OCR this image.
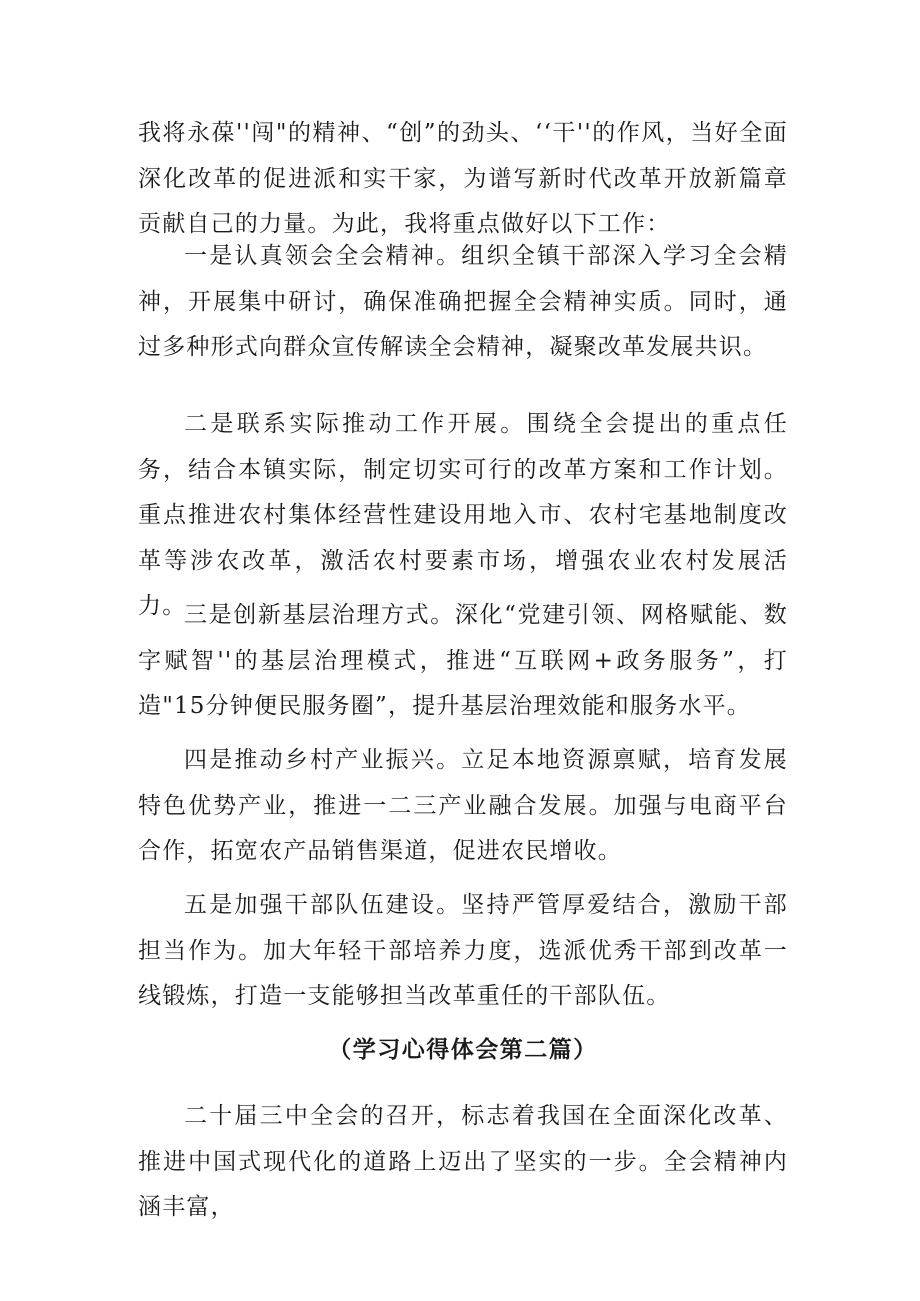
我将永葆''闯"的精神、“创”的劲头、‘‘干''的作风，当好全面深化改革的促进派和实干家，为谱写新时代改革开放新篇章贡献自己的力量。为此，我将重点做好以下工作：

一是认真领会全会精神。组织全镇干部深入学习全会精神，开展集中研讨，确保准确把握全会精神实质。同时，通过多种形式向群众宣传解读全会精神，凝聚改革发展共识。

二是联系实际推动工作开展。围绕全会提出的重点任务，结合本镇实际，制定切实可行的改革方案和工作计划。重点推进农村集体经营性建设用地入市、农村宅基地制度改革等涉农改革，激活农村要素市场，增强农业农村发展活力。

三是创新基层治理方式。深化“党建引领、网格赋能、数字赋智''的基层治理模式，推进“互联网+政务服务”，打造"15分钟便民服务圈”，提升基层治理效能和服务水平。

四是推动乡村产业振兴。立足本地资源禀赋，培育发展特色优势产业，推进一二三产业融合发展。加强与电商平台合作，拓宽农产品销售渠道，促进农民增收。

五是加强干部队伍建设。坚持严管厚爱结合，激励干部担当作为。加大年轻干部培养力度，选派优秀干部到改革一线锻炼，打造一支能够担当改革重任的干部队伍。

（学习心得体会第二篇）

二十届三中全会的召开，标志着我国在全面深化改革、推进中国式现代化的道路上迈出了坚实的一步。全会精神内涵丰富，
